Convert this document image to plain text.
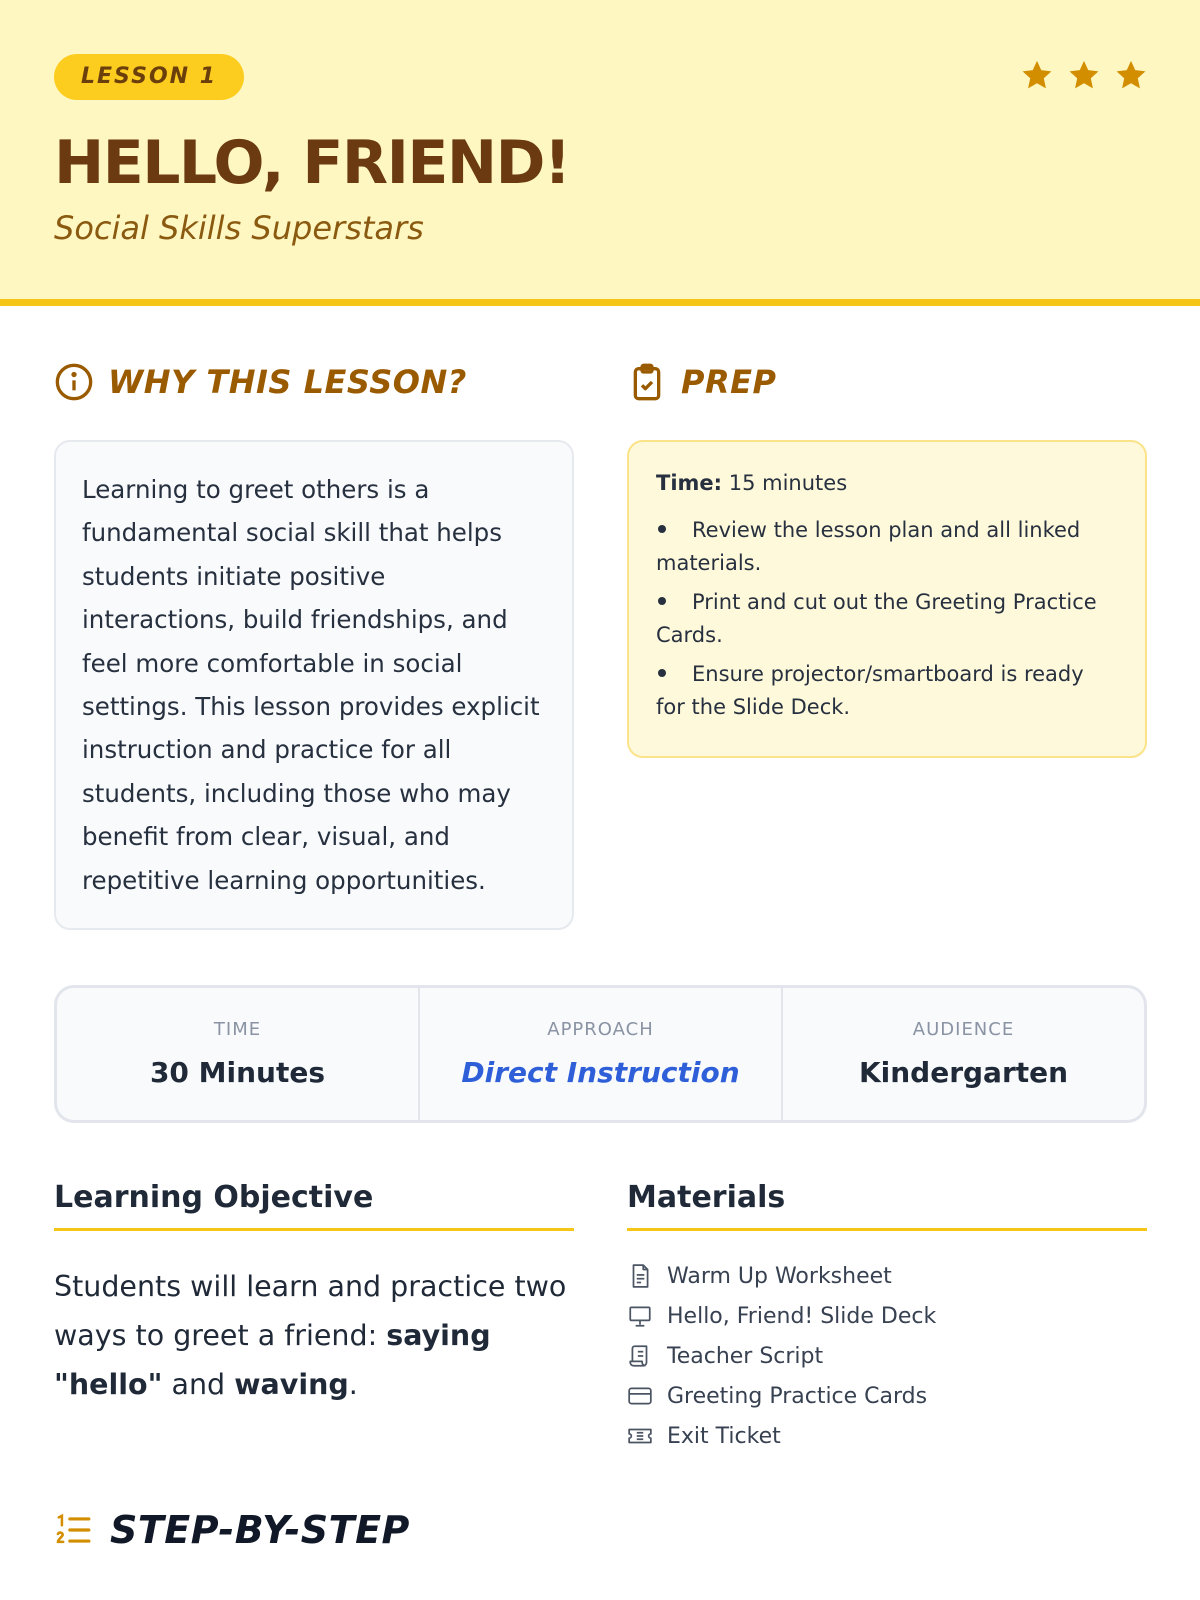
LESSON 1
HELLO, FRIEND!
Social Skills Superstars
WHY THIS LESSON?

Learning to greet others is a fundamental social skill that helps students initiate positive interactions, build friendships, and feel more comfortable in social settings. This lesson provides explicit instruction and practice for all students, including those who may benefit from clear, visual, and repetitive learning opportunities.

PREP
Time: 15 minutes
Review the lesson plan and all linked materials.
Print and cut out the Greeting Practice Cards.
Ensure projector/smartboard is ready for the Slide Deck.
TIME
30 Minutes
APPROACH
Direct Instruction
AUDIENCE
Kindergarten
Learning Objective
Students will learn and practice two ways to greet a friend: saying "hello" and waving.
Materials
Warm Up Worksheet
Hello, Friend! Slide Deck
Teacher Script
Greeting Practice Cards
Exit Ticket
STEP-BY-STEP
